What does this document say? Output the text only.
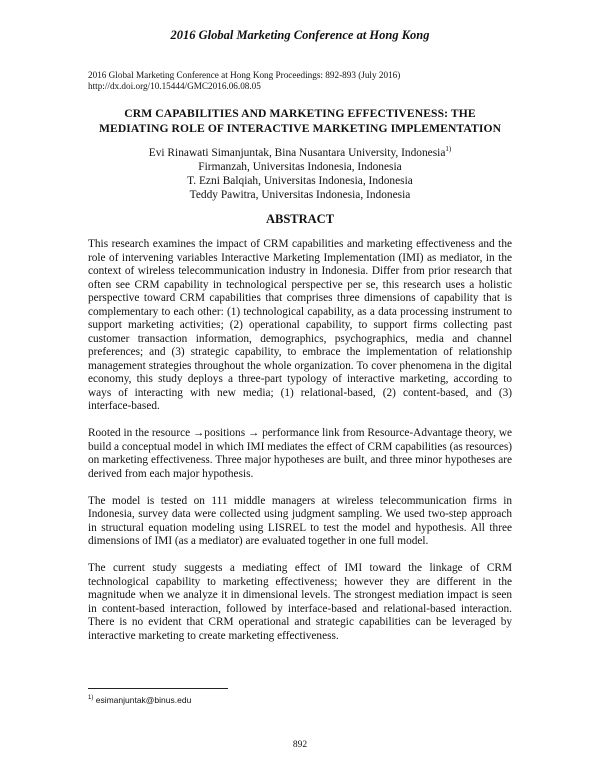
2016 Global Marketing Conference at Hong Kong
2016 Global Marketing Conference at Hong Kong Proceedings: 892-893 (July 2016)
http://dx.doi.org/10.15444/GMC2016.06.08.05
CRM CAPABILITIES AND MARKETING EFFECTIVENESS: THE
MEDIATING ROLE OF INTERACTIVE MARKETING IMPLEMENTATION
Evi Rinawati Simanjuntak, Bina Nusantara University, Indonesia$^{1)}$
Firmanzah, Universitas Indonesia, Indonesia
T. Ezni Balqiah, Universitas Indonesia, Indonesia
Teddy Pawitra, Universitas Indonesia, Indonesia
ABSTRACT

This research examines the impact of CRM capabilities and marketing effectiveness and the role of intervening variables Interactive Marketing Implementation (IMI) as mediator, in the context of wireless telecommunication industry in Indonesia. Differ from prior research that often see CRM capability in technological perspective per se, this research uses a holistic perspective toward CRM capabilities that comprises three dimensions of capability that is complementary to each other: (1) technological capability, as a data processing instrument to support marketing activities; (2) operational capability, to support firms collecting past customer transaction information, demographics, psychographics, media and channel preferences; and (3) strategic capability, to embrace the implementation of relationship management strategies throughout the whole organization. To cover phenomena in the digital economy, this study deploys a three-part typology of interactive marketing, according to ways of interacting with new media; (1) relational-based, (2) content-based, and (3) interface-based.

Rooted in the resource →positions → performance link from Resource-Advantage theory, we build a conceptual model in which IMI mediates the effect of CRM capabilities (as resources) on marketing effectiveness. Three major hypotheses are built, and three minor hypotheses are derived from each major hypothesis.

The model is tested on 111 middle managers at wireless telecommunication firms in Indonesia, survey data were collected using judgment sampling. We used two-step approach in structural equation modeling using LISREL to test the model and hypothesis. All three dimensions of IMI (as a mediator) are evaluated together in one full model.

The current study suggests a mediating effect of IMI toward the linkage of CRM technological capability to marketing effectiveness; however they are different in the magnitude when we analyze it in dimensional levels. The strongest mediation impact is seen in content-based interaction, followed by interface-based and relational-based interaction. There is no evident that CRM operational and strategic capabilities can be leveraged by interactive marketing to create marketing effectiveness.

$^{1)}$ esimanjuntak@binus.edu
892
